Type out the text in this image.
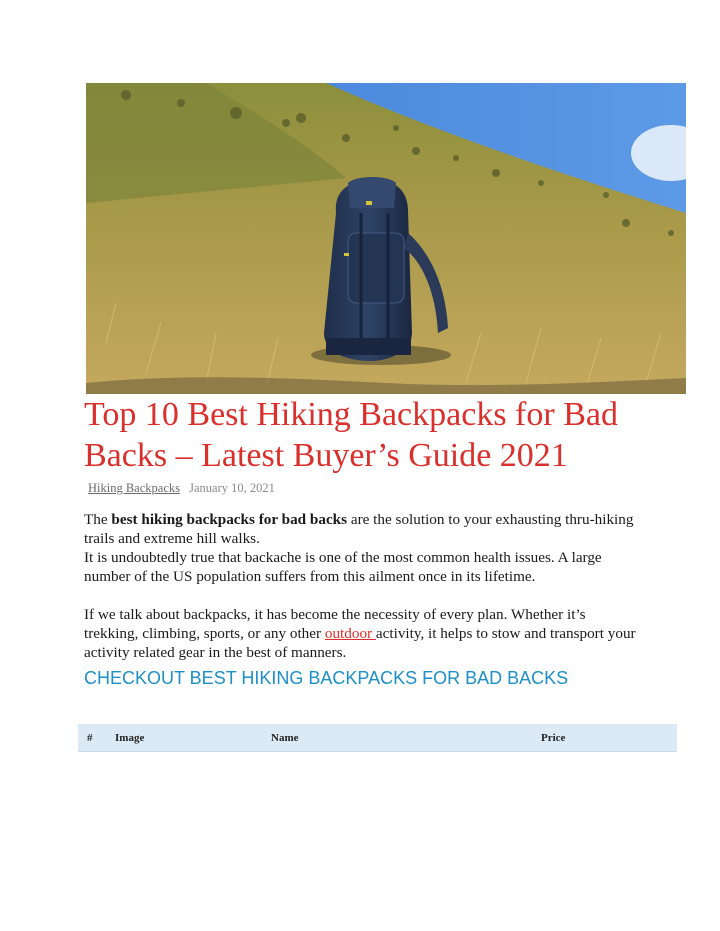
Top 10 Best Hiking Backpacks for Bad Backs – Latest Buyer’s Guide 2021
Hiking Backpacks January 10, 2021

The best hiking backpacks for bad backs are the solution to your exhausting thru-hiking trails and extreme hill walks.

It is undoubtedly true that backache is one of the most common health issues. A large number of the US population suffers from this ailment once in its lifetime.

If we talk about backpacks, it has become the necessity of every plan. Whether it’s trekking, climbing, sports, or any other outdoor activity, it helps to stow and transport your activity related gear in the best of manners.

CHECKOUT BEST HIKING BACKPACKS FOR BAD BACKS
# Image	Name	Price
